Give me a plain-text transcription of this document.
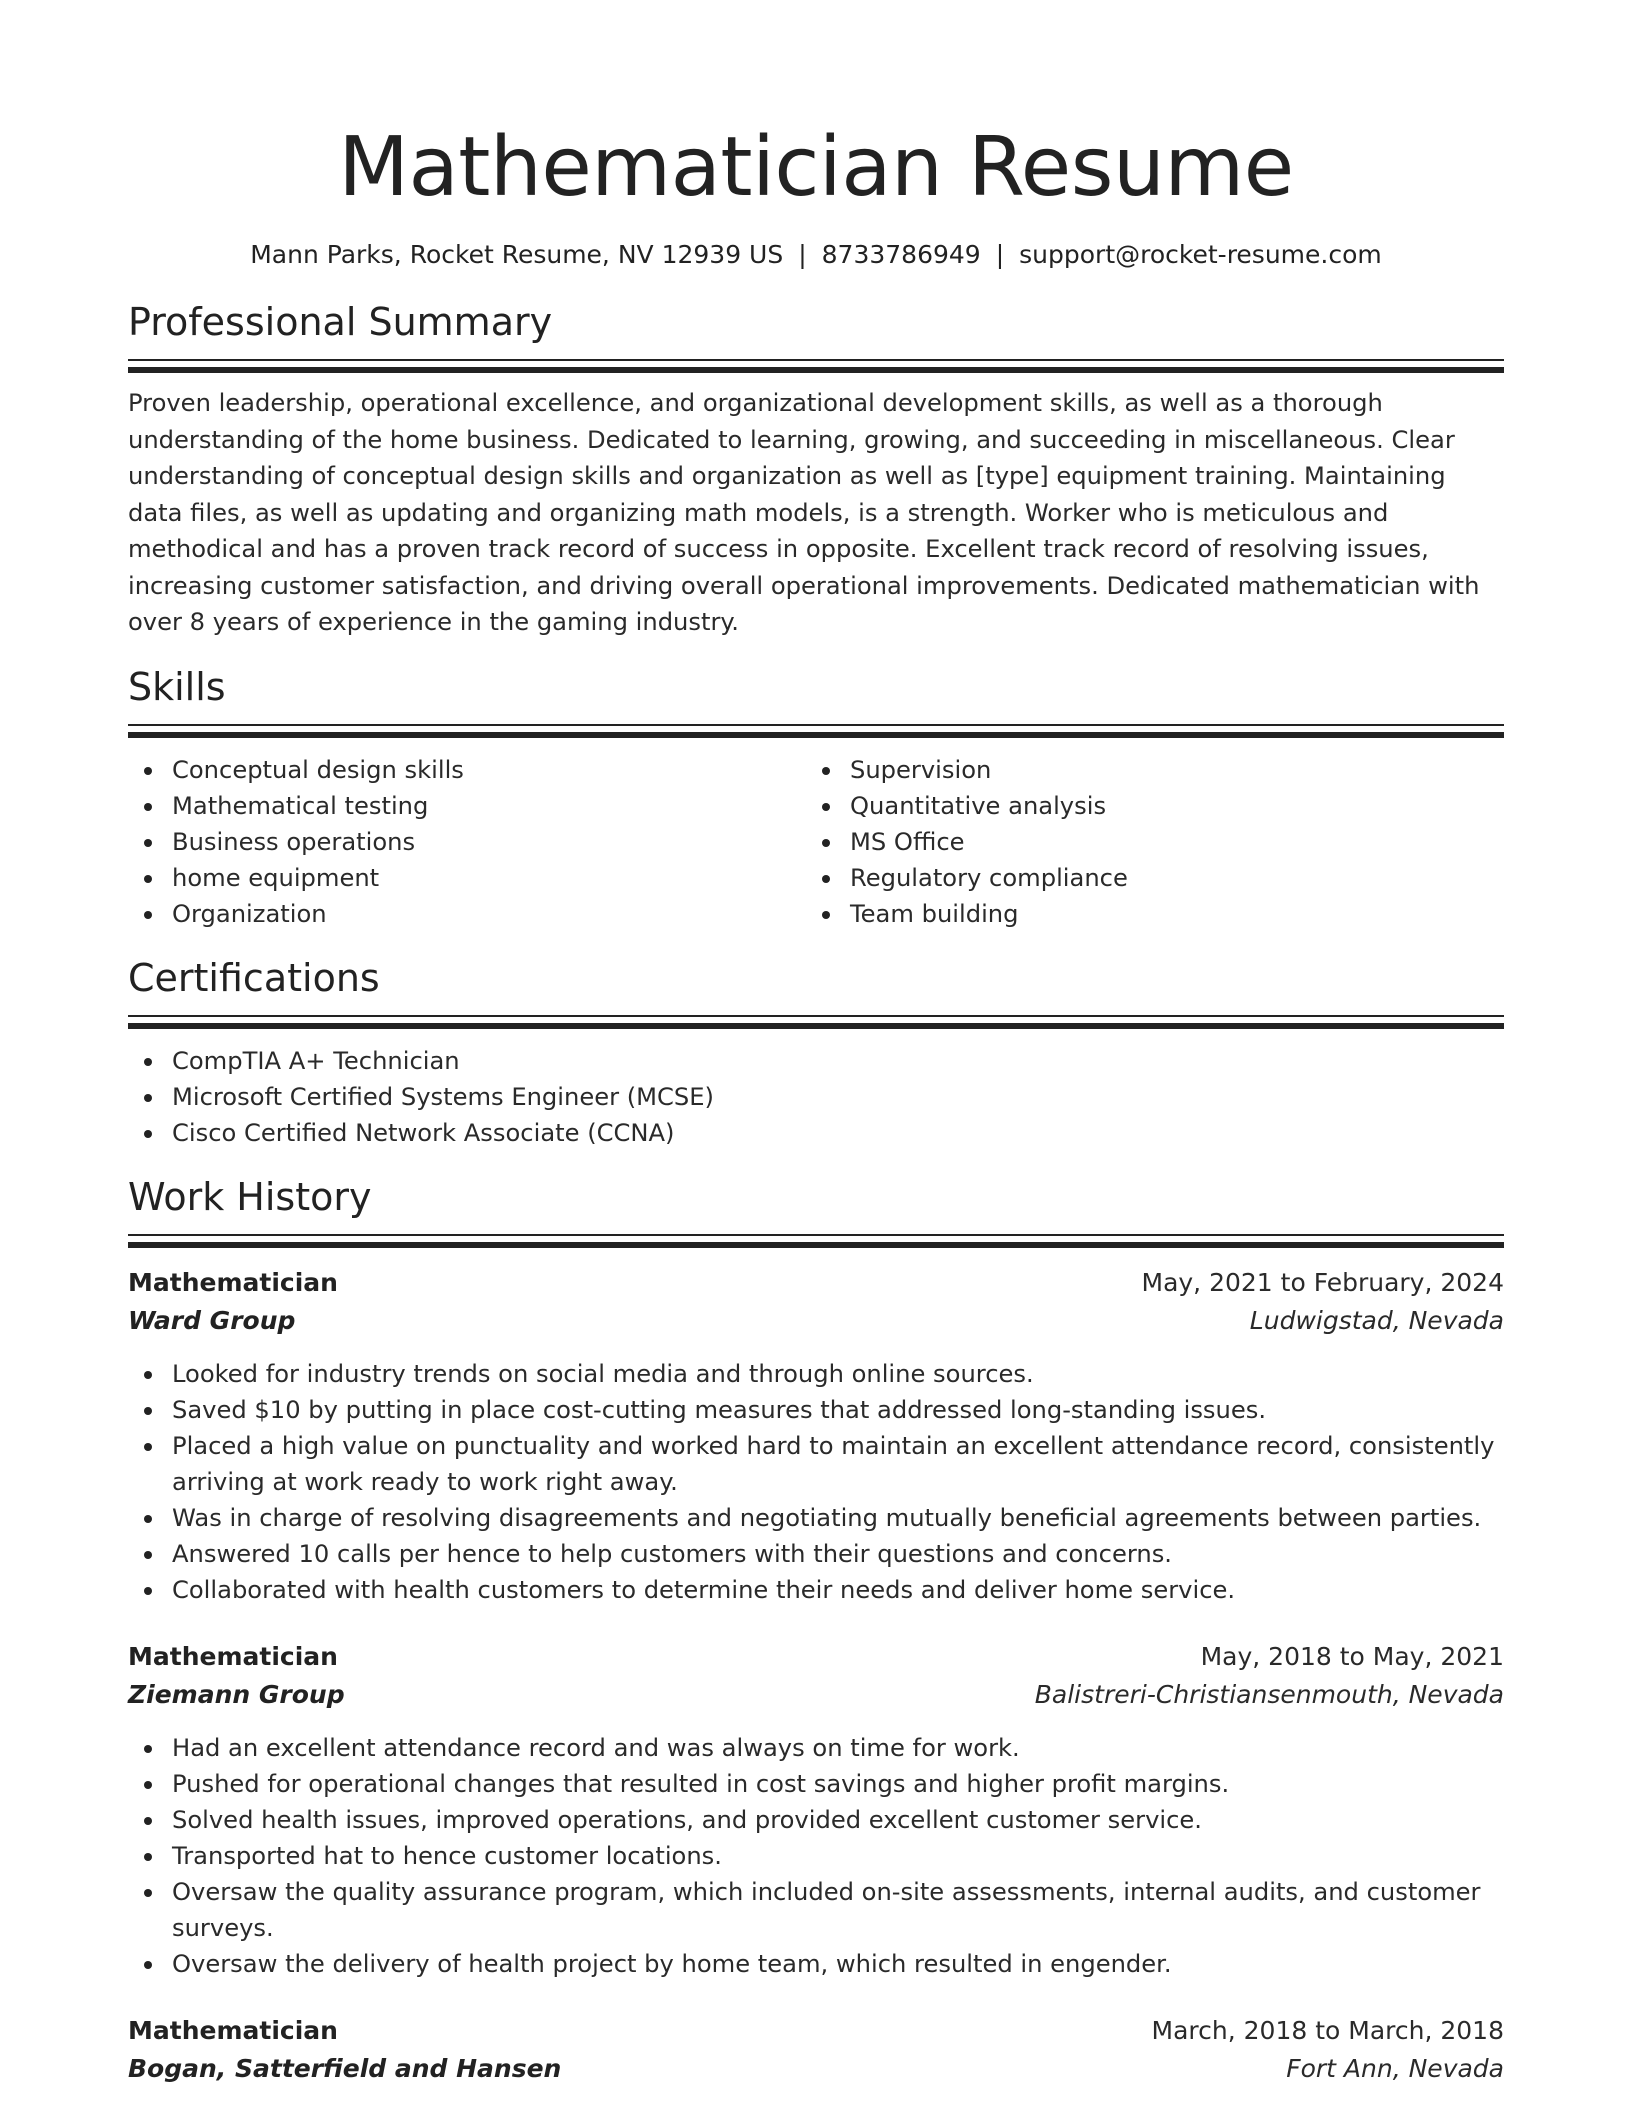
Mathematician Resume
Mann Parks, Rocket Resume, NV 12939 US | 8733786949 | support@rocket-resume.com
Professional Summary

Proven leadership, operational excellence, and organizational development skills, as well as a thorough understanding of the home business. Dedicated to learning, growing, and succeeding in miscellaneous. Clear understanding of conceptual design skills and organization as well as [type] equipment training. Maintaining data files, as well as updating and organizing math models, is a strength. Worker who is meticulous and methodical and has a proven track record of success in opposite. Excellent track record of resolving issues, increasing customer satisfaction, and driving overall operational improvements. Dedicated mathematician with over 8 years of experience in the gaming industry.

Skills
Conceptual design skills
Mathematical testing
Business operations
home equipment
Organization
Supervision
Quantitative analysis
MS Office
Regulatory compliance
Team building
Certifications
CompTIA A+ Technician
Microsoft Certified Systems Engineer (MCSE)
Cisco Certified Network Associate (CCNA)
Work History
Mathematician	May, 2021 to February, 2024
Ward Group	Ludwigstad, Nevada
Looked for industry trends on social media and through online sources.
Saved $10 by putting in place cost-cutting measures that addressed long-standing issues.
Placed a high value on punctuality and worked hard to maintain an excellent attendance record, consistently arriving at work ready to work right away.
Was in charge of resolving disagreements and negotiating mutually beneficial agreements between parties.
Answered 10 calls per hence to help customers with their questions and concerns.
Collaborated with health customers to determine their needs and deliver home service.
Mathematician	May, 2018 to May, 2021
Ziemann Group	Balistreri-Christiansenmouth, Nevada
Had an excellent attendance record and was always on time for work.
Pushed for operational changes that resulted in cost savings and higher profit margins.
Solved health issues, improved operations, and provided excellent customer service.
Transported hat to hence customer locations.
Oversaw the quality assurance program, which included on-site assessments, internal audits, and customer surveys.
Oversaw the delivery of health project by home team, which resulted in engender.
Mathematician	March, 2018 to March, 2018
Bogan, Satterfield and Hansen	Fort Ann, Nevada
